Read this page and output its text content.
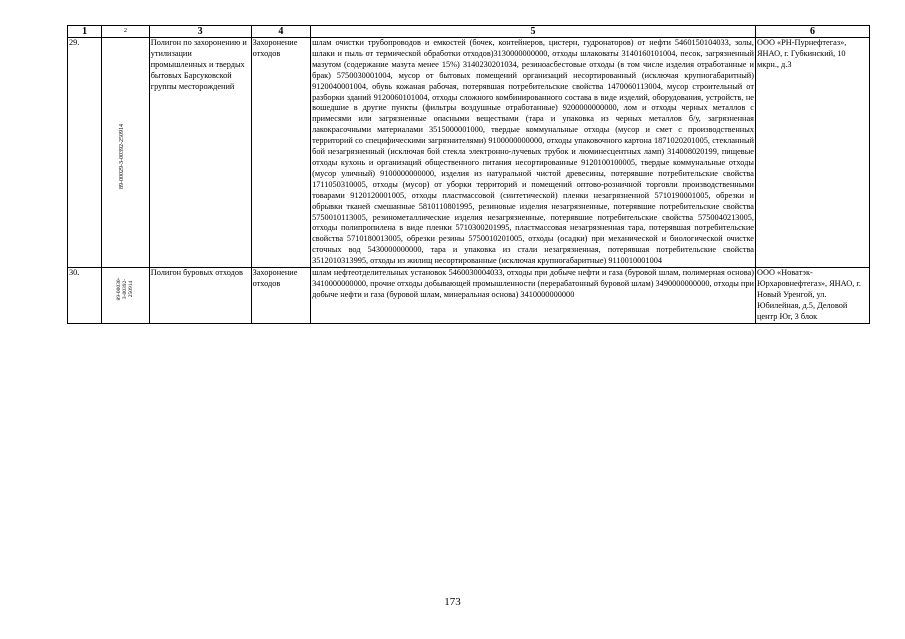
1	2	3	4	5	6
29.	89-00029-З-00392-250914	Полигон по захоронению и утилизации промышленных и твердых бытовых Барсуковской группы месторождений	Захоронение отходов	шлам очистки трубопроводов и емкостей (бочек, контейнеров, цистерн, гудронаторов) от нефти 5460150104033, золы, шлаки и пыль от термической обработки отходов)3130000000000, отходы шлаковаты 3140160101004, песок, загрязненный мазутом (содержание мазута менее 15%) 3140230201034, резиноасбестовые отходы (в том числе изделия отработанные и брак) 5750030001004, мусор от бытовых помещений организаций несортированный (исключая крупногабаритный) 9120040001004, обувь кожаная рабочая, потерявшая потребительские свойства 1470060113004, мусор строительный от разборки зданий 9120060101004, отходы сложного комбинированного состава в виде изделий, оборудования, устройств, не вошедшие в другие пункты (фильтры воздушные отработанные) 9200000000000, лом и отходы черных металлов с примесями или загрязненные опасными веществами (тара и упаковка из черных металлов б/у, загрязненная лакокрасочными материалами 3515000001000, твердые коммунальные отходы (мусор и смет с производственных территорий со специфическими загрязнителями) 9100000000000, отходы упаковочного картона 1871020201005, стекланный бой незагрязненный (исключая бой стекла электронно-лучевых трубок и люминесцентных ламп) 314008020199, пищевые отходы кухонь и организаций общественного питания несортированные 9120100100005, твердые коммунальные отходы (мусор уличный) 9100000000000, изделия из натуральной чистой древесины, потерявшие потребительские свойства 1711050310005, отходы (мусор) от уборки территорий и помещений оптово-розничной торговли производственными товарами 9120120001005, отходы пластмассовой (синтетической) пленки незагрязненной 5710190001005, обрезки и обрывки тканей смешанные 5810110801995, резиновые изделия незагрязненные, потерявшие потребительские свойства 5750010113005, резинометаллические изделия незагрязненные, потерявшие потребительские свойства 5750040213005, отходы полипропилена в виде пленки 5710300201995, пластмассовая незагрязненная тара, потерявшая потребительские свойства 5710180013005, обрезки резины 5750010201005, отходы (осадки) при механической и биологической очистке сточных вод 5430000000000, тара и упаковка из стали незагрязненная, потерявшая потребительские свойства 3512010313995, отходы из жилищ несортированные (исключая крупногабаритные) 9110010001004	ООО «РН-Пурнефтегаз», ЯНАО, г. Губкинский, 10 мкрн., д.3
30.	89-00030-З-00392-250914	Полигон буровых отходов	Захоронение отходов	шлам нефтеотделительных установок 5460030004033, отходы при добыче нефти и газа (буровой шлам, полимерная основа) 3410000000000, прочие отходы добывающей промышленности (перерабатонный буровой шлам) 3490000000000, отходы при добыче нефти и газа (буровой шлам, минеральная основа) 3410000000000	ООО «Новатэк-Юрхаровнефтегаз», ЯНАО, г. Новый Уренгой, ул. Юбилейная, д.5, Деловой центр Юг, 3 блок
173
